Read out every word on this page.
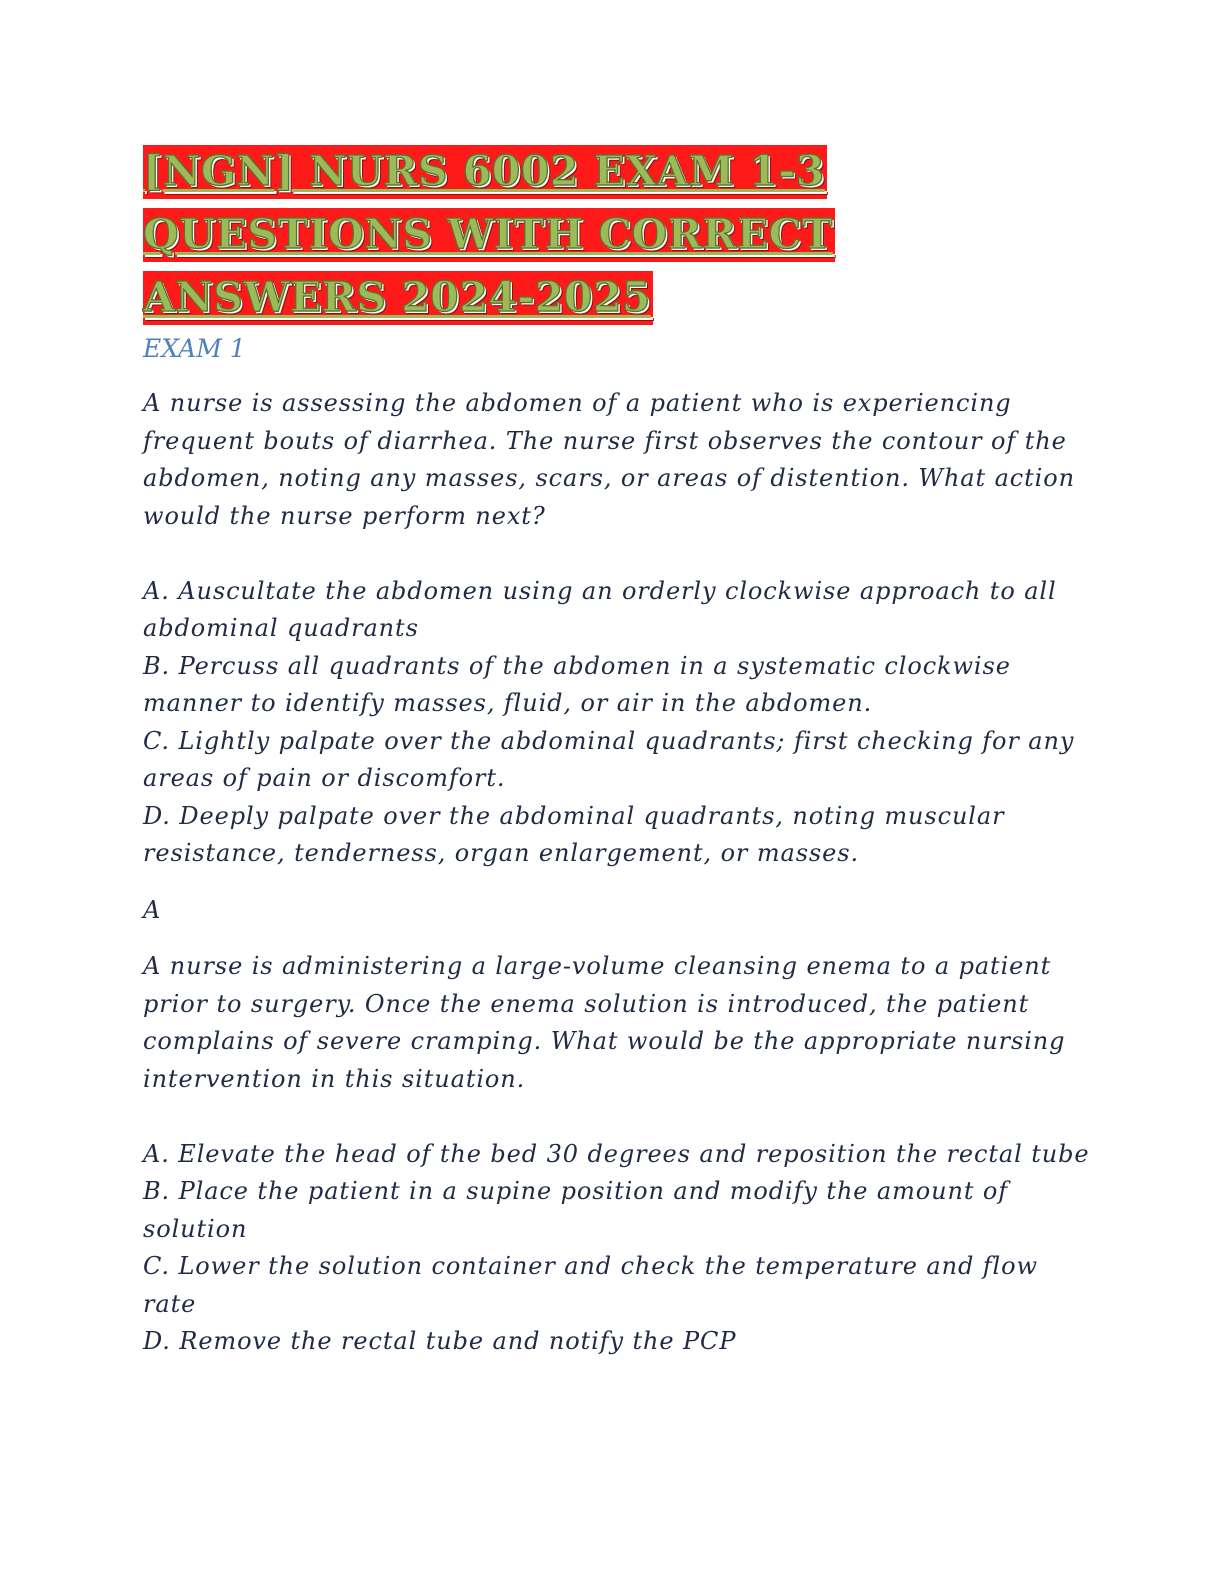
[NGN] NURS 6002 EXAM 1-3
QUESTIONS WITH CORRECT
ANSWERS 2024-2025
EXAM 1

A nurse is assessing the abdomen of a patient who is experiencing
frequent bouts of diarrhea. The nurse first observes the contour of the
abdomen, noting any masses, scars, or areas of distention. What action
would the nurse perform next?

A. Auscultate the abdomen using an orderly clockwise approach to all
abdominal quadrants
B. Percuss all quadrants of the abdomen in a systematic clockwise
manner to identify masses, fluid, or air in the abdomen.
C. Lightly palpate over the abdominal quadrants; first checking for any
areas of pain or discomfort.
D. Deeply palpate over the abdominal quadrants, noting muscular
resistance, tenderness, organ enlargement, or masses.

A

A nurse is administering a large-volume cleansing enema to a patient
prior to surgery. Once the enema solution is introduced, the patient
complains of severe cramping. What would be the appropriate nursing
intervention in this situation.

A. Elevate the head of the bed 30 degrees and reposition the rectal tube
B. Place the patient in a supine position and modify the amount of
solution
C. Lower the solution container and check the temperature and flow
rate
D. Remove the rectal tube and notify the PCP
